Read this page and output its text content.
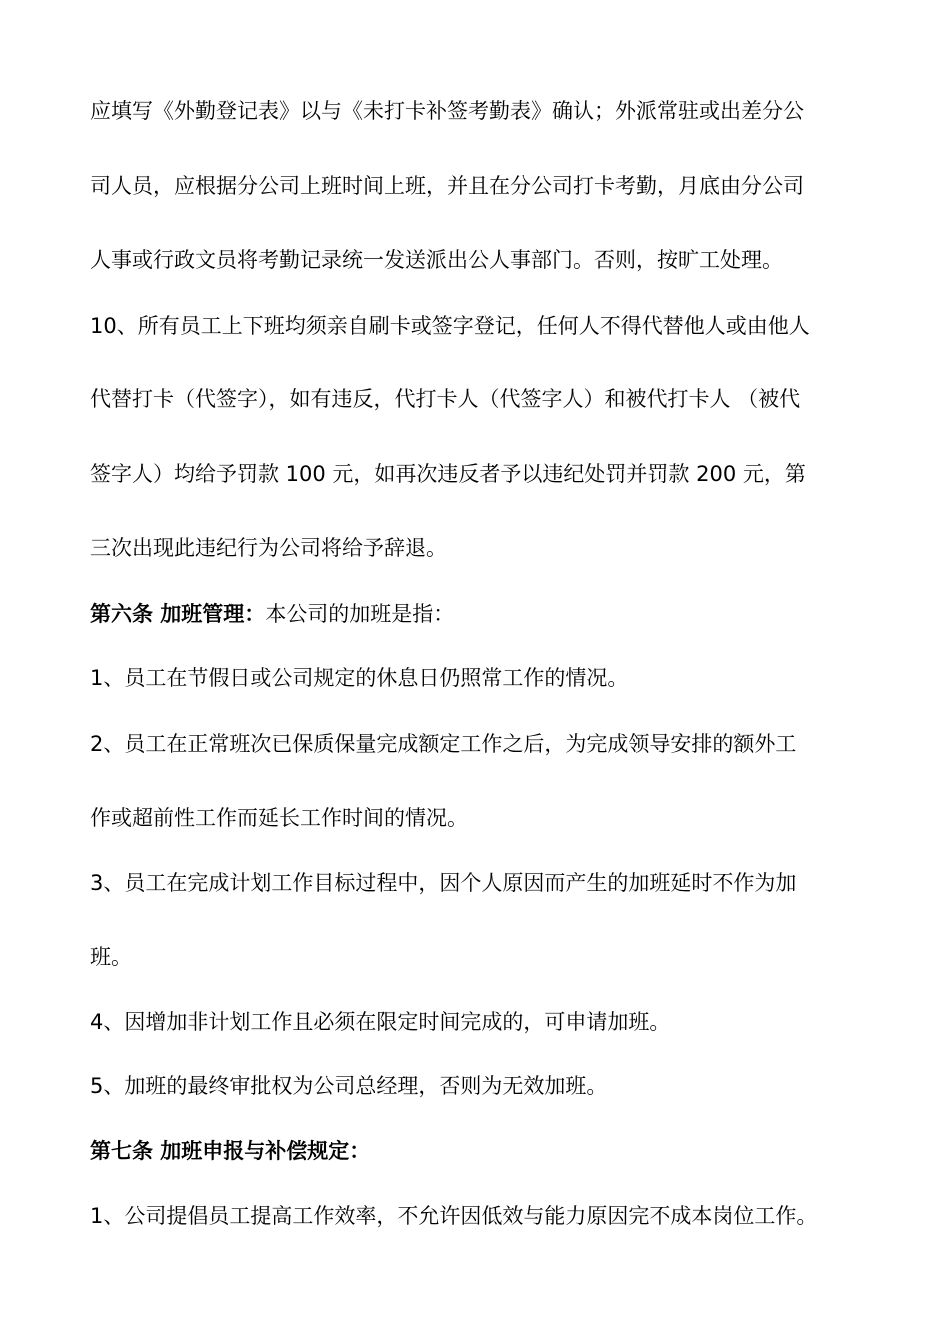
应填写《外勤登记表》以与《未打卡补签考勤表》确认；外派常驻或出差分公
司人员，应根据分公司上班时间上班，并且在分公司打卡考勤，月底由分公司
人事或行政文员将考勤记录统一发送派出公人事部门。否则，按旷工处理。
10、所有员工上下班均须亲自刷卡或签字登记，任何人不得代替他人或由他人
代替打卡（代签字），如有违反，代打卡人（代签字人）和被代打卡人 （被代
签字人）均给予罚款 100 元，如再次违反者予以违纪处罚并罚款 200 元，第
三次出现此违纪行为公司将给予辞退。
第六条 加班管理：本公司的加班是指：
1、员工在节假日或公司规定的休息日仍照常工作的情况。
2、员工在正常班次已保质保量完成额定工作之后，为完成领导安排的额外工
作或超前性工作而延长工作时间的情况。
3、员工在完成计划工作目标过程中，因个人原因而产生的加班延时不作为加
班。
4、因增加非计划工作且必须在限定时间完成的，可申请加班。
5、加班的最终审批权为公司总经理，否则为无效加班。
第七条 加班申报与补偿规定：
1、公司提倡员工提高工作效率，不允许因低效与能力原因完不成本岗位工作。
